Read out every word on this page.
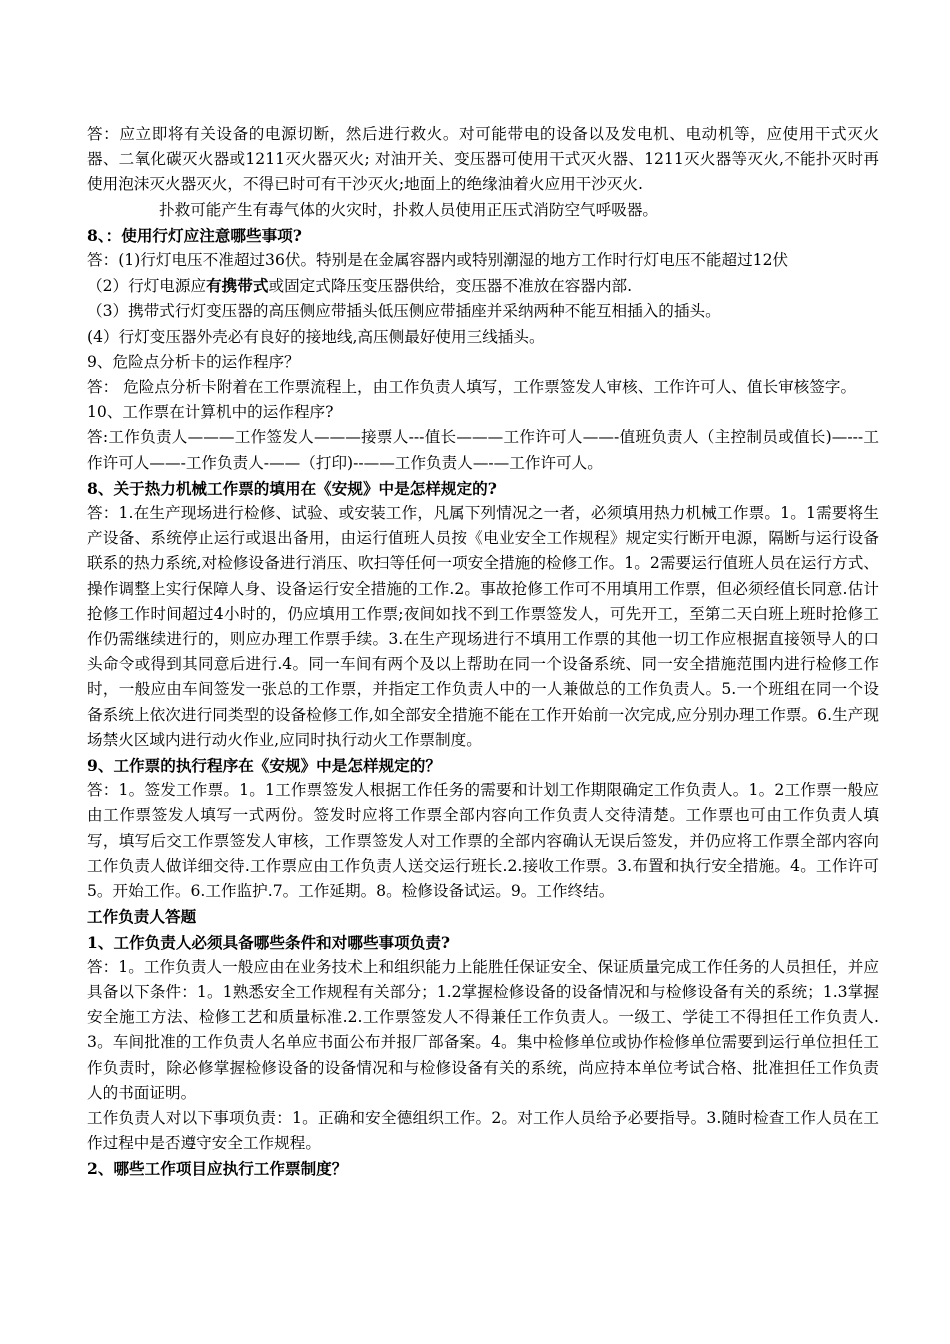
答：应立即将有关设备的电源切断，然后进行救火。对可能带电的设备以及发电机、电动机等，应使用干式灭火器、二氧化碳灭火器或1211灭火器灭火; 对油开关、变压器可使用干式灭火器、1211灭火器等灭火,不能扑灭时再使用泡沫灭火器灭火，不得已时可有干沙灭火;地面上的绝缘油着火应用干沙灭火.

扑救可能产生有毒气体的火灾时，扑救人员使用正压式消防空气呼吸器。

8、：使用行灯应注意哪些事项?

答：(1)行灯电压不准超过36伏。特别是在金属容器内或特别潮湿的地方工作时行灯电压不能超过12伏

（2）行灯电源应有携带式或固定式降压变压器供给，变压器不准放在容器内部.

（3）携带式行灯变压器的高压侧应带插头低压侧应带插座并采纳两种不能互相插入的插头。

(4）行灯变压器外壳必有良好的接地线,高压侧最好使用三线插头。

9、危险点分析卡的运作程序？

答： 危险点分析卡附着在工作票流程上，由工作负责人填写，工作票签发人审核、工作许可人、值长审核签字。

10、工作票在计算机中的运作程序?

答:工作负责人———工作签发人———接票人---值长———工作许可人——-值班负责人（主控制员或值长)—---工作许可人——-工作负责人-——（打印)--——工作负责人—-—工作许可人。

8、关于热力机械工作票的填用在《安规》中是怎样规定的?

答：1.在生产现场进行检修、试验、或安装工作，凡属下列情况之一者，必须填用热力机械工作票。1。1需要将生产设备、系统停止运行或退出备用，由运行值班人员按《电业安全工作规程》规定实行断开电源，隔断与运行设备联系的热力系统,对检修设备进行消压、吹扫等任何一项安全措施的检修工作。1。2需要运行值班人员在运行方式、操作调整上实行保障人身、设备运行安全措施的工作.2。事故抢修工作可不用填用工作票，但必须经值长同意.估计抢修工作时间超过4小时的，仍应填用工作票;夜间如找不到工作票签发人，可先开工，至第二天白班上班时抢修工作仍需继续进行的，则应办理工作票手续。3.在生产现场进行不填用工作票的其他一切工作应根据直接领导人的口头命令或得到其同意后进行.4。同一车间有两个及以上帮助在同一个设备系统、同一安全措施范围内进行检修工作时，一般应由车间签发一张总的工作票，并指定工作负责人中的一人兼做总的工作负责人。5.一个班组在同一个设备系统上依次进行同类型的设备检修工作,如全部安全措施不能在工作开始前一次完成,应分别办理工作票。6.生产现场禁火区域内进行动火作业,应同时执行动火工作票制度。

9、工作票的执行程序在《安规》中是怎样规定的？

答：1。签发工作票。1。1工作票签发人根据工作任务的需要和计划工作期限确定工作负责人。1。2工作票一般应由工作票签发人填写一式两份。签发时应将工作票全部内容向工作负责人交待清楚。工作票也可由工作负责人填写，填写后交工作票签发人审核，工作票签发人对工作票的全部内容确认无误后签发，并仍应将工作票全部内容向工作负责人做详细交待.工作票应由工作负责人送交运行班长.2.接收工作票。3.布置和执行安全措施。4。工作许可5。开始工作。6.工作监护.7。工作延期。8。检修设备试运。9。工作终结。

工作负责人答题

1、工作负责人必须具备哪些条件和对哪些事项负责?

答：1。工作负责人一般应由在业务技术上和组织能力上能胜任保证安全、保证质量完成工作任务的人员担任，并应具备以下条件：1。1熟悉安全工作规程有关部分；1.2掌握检修设备的设备情况和与检修设备有关的系统；1.3掌握安全施工方法、检修工艺和质量标准.2.工作票签发人不得兼任工作负责人。一级工、学徒工不得担任工作负责人.3。车间批准的工作负责人名单应书面公布并报厂部备案。4。集中检修单位或协作检修单位需要到运行单位担任工作负责时，除必修掌握检修设备的设备情况和与检修设备有关的系统，尚应持本单位考试合格、批准担任工作负责人的书面证明。

工作负责人对以下事项负责：1。正确和安全德组织工作。2。对工作人员给予必要指导。3.随时检查工作人员在工作过程中是否遵守安全工作规程。

2、哪些工作项目应执行工作票制度？
